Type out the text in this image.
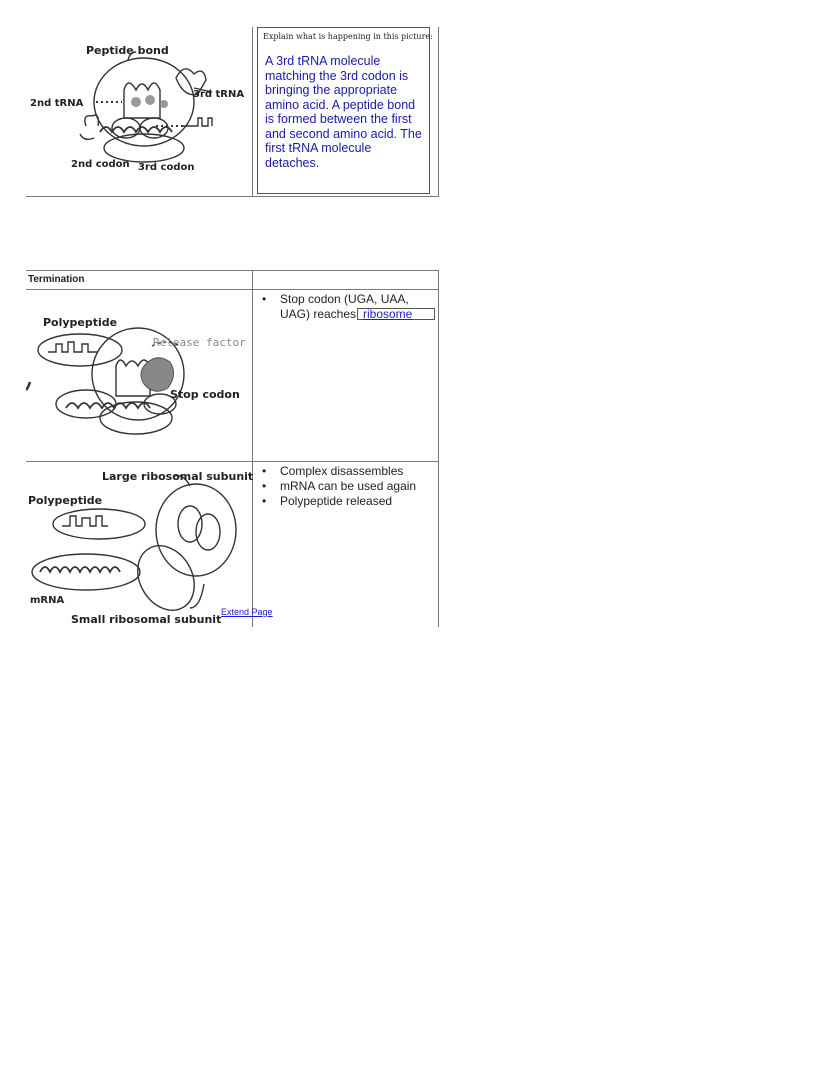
Peptide bond
2nd tRNA
3rd tRNA
2nd codon 3rd codon
Explain what is happening in this picture:
A 3rd tRNA molecule matching the 3rd codon is bringing the appropriate amino acid. A peptide bond is formed between the first and second amino acid. The first tRNA molecule detaches.
Termination
Polypeptide
Release factor
Stop codon
• Stop codon (UGA, UAA, UAG) reaches ribosome
Large ribosomal subunit
Polypeptide
mRNA
Small ribosomal subunit
• Complex disassembles
• mRNA can be used again
• Polypeptide released
Extend Page
